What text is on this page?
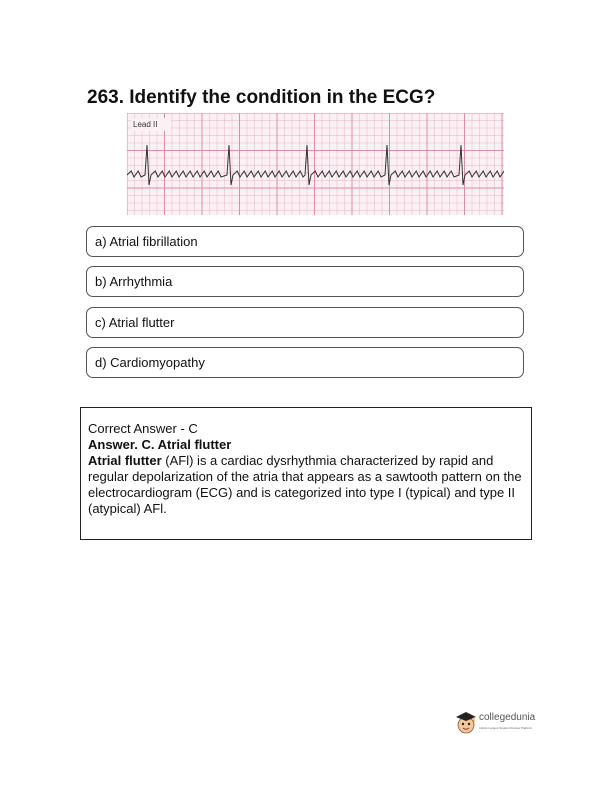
263. Identify the condition in the ECG?
Lead II
a) Atrial fibrillation
b) Arrhythmia
c) Atrial flutter
d) Cardiomyopathy

Correct Answer - C

Answer. C. Atrial flutter

Atrial flutter (AFl) is a cardiac dysrhythmia characterized by rapid and regular depolarization of the atria that appears as a sawtooth pattern on the electrocardiogram (ECG) and is categorized into type I (typical) and type II (atypical) AFl.

collegedunia
India's Largest Student Review Platform
